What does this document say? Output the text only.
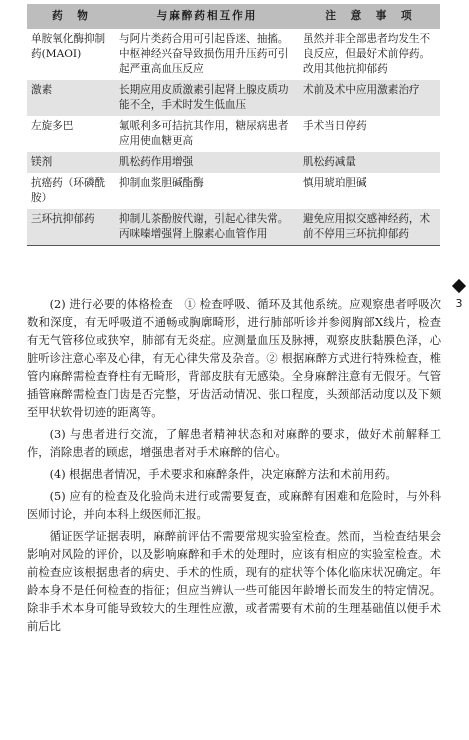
药　物	与麻醉药相互作用	注　意　事　项
单胺氧化酶抑制药(MAOI)	与阿片类药合用可引起昏迷、抽搐。中枢神经兴奋导致损伤用升压药可引起严重高血压反应	虽然并非全部患者均发生不良反应，但最好术前停药。改用其他抗抑郁药
激素	长期应用皮质激素引起肾上腺皮质功能不全，手术时发生低血压	术前及术中应用激素治疗
左旋多巴	氟哌利多可拮抗其作用，糖尿病患者应用使血糖更高	手术当日停药
镁剂	肌松药作用增强	肌松药减量
抗癌药（环磷酰胺）	抑制血浆胆碱酯酶	慎用琥珀胆碱
三环抗抑郁药	抑制儿茶酚胺代谢，引起心律失常。丙咪嗪增强肾上腺素心血管作用	避免应用拟交感神经药，术前不停用三环抗抑郁药
3

(2) 进行必要的体格检查　① 检查呼吸、循环及其他系统。应观察患者呼吸次数和深度，有无呼吸道不通畅或胸廓畸形，进行肺部听诊并参阅胸部X线片，检查有无气管移位或狭窄，肺部有无炎症。应测量血压及脉搏，观察皮肤黏膜色泽，心脏听诊注意心率及心律，有无心律失常及杂音。② 根据麻醉方式进行特殊检查，椎管内麻醉需检查脊柱有无畸形，背部皮肤有无感染。全身麻醉注意有无假牙。气管插管麻醉需检查门齿是否完整，牙齿活动情况、张口程度，头颈部活动度以及下颏至甲状软骨切迹的距离等。

(3) 与患者进行交流，了解患者精神状态和对麻醉的要求，做好术前解释工作，消除患者的顾虑，增强患者对手术麻醉的信心。

(4) 根据患者情况，手术要求和麻醉条件，决定麻醉方法和术前用药。

(5) 应有的检查及化验尚未进行或需要复查，或麻醉有困难和危险时，与外科医师讨论，并向本科上级医师汇报。

循证医学证据表明，麻醉前评估不需要常规实验室检查。然而，当检查结果会影响对风险的评价，以及影响麻醉和手术的处理时，应该有相应的实验室检查。术前检查应该根据患者的病史、手术的性质，现有的症状等个体化临床状况确定。年龄本身不是任何检查的指征；但应当辨认一些可能因年龄增长而发生的特定情况。除非手术本身可能导致较大的生理性应激，或者需要有术前的生理基础值以便手术前后比
